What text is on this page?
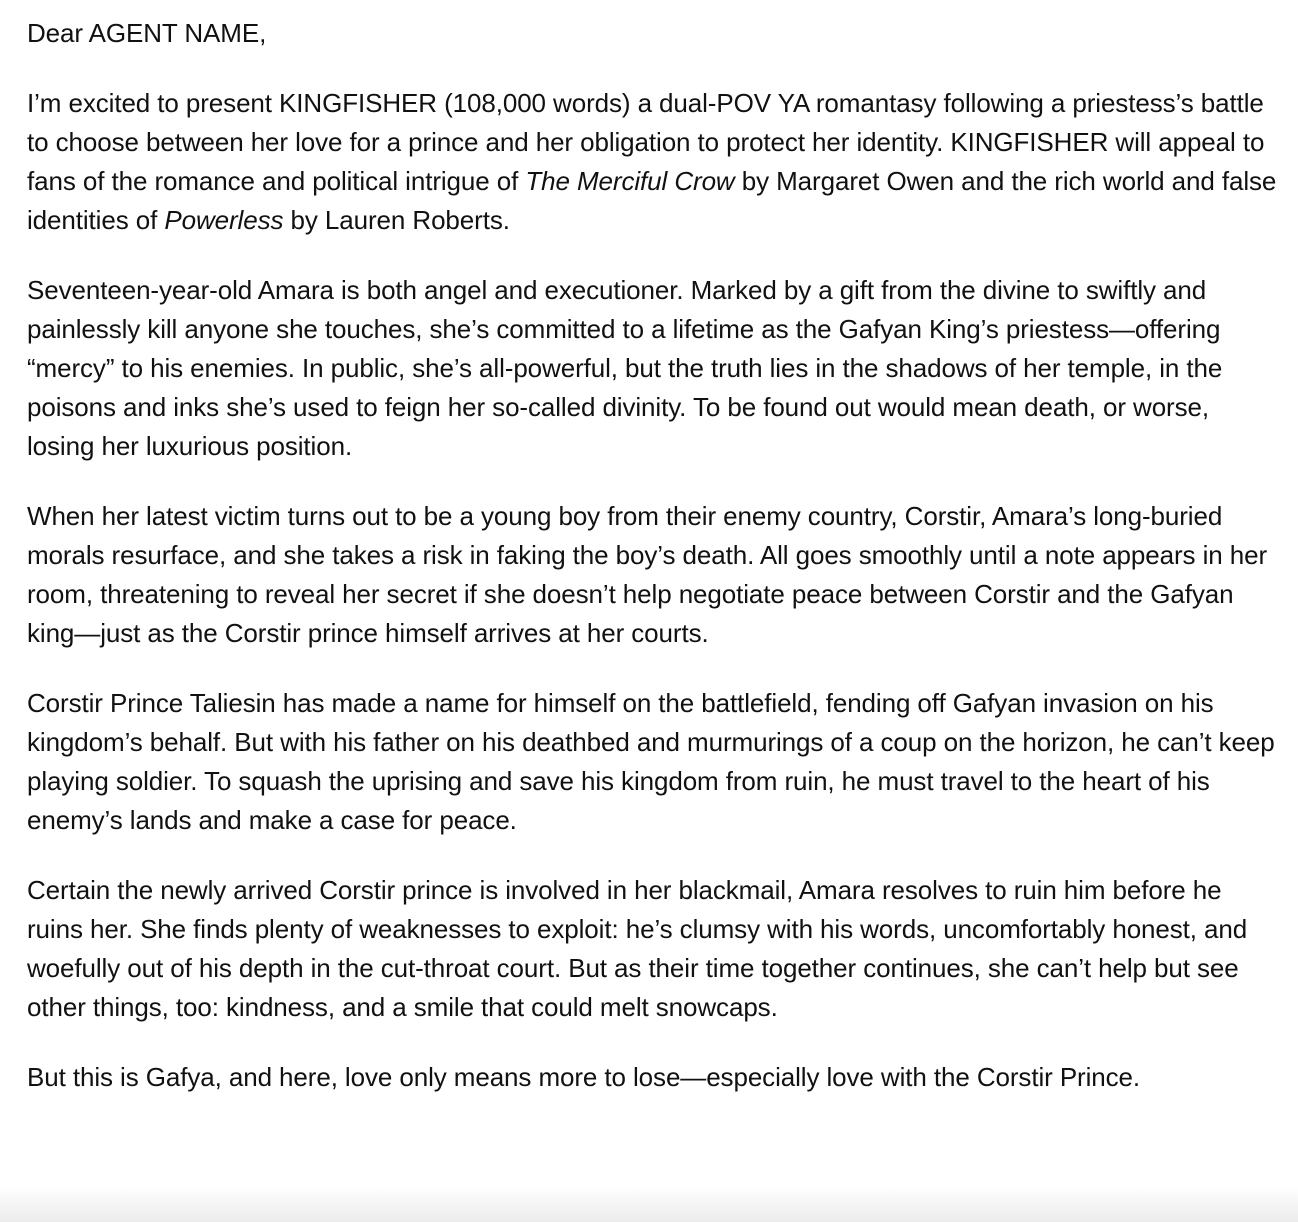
Dear AGENT NAME,

I’m excited to present KINGFISHER (108,000 words) a dual-POV YA romantasy following a priestess’s battle to choose between her love for a prince and her obligation to protect her identity. KINGFISHER will appeal to fans of the romance and political intrigue of The Merciful Crow by Margaret Owen and the rich world and false identities of Powerless by Lauren Roberts.

Seventeen-year-old Amara is both angel and executioner. Marked by a gift from the divine to swiftly and painlessly kill anyone she touches, she’s committed to a lifetime as the Gafyan King’s priestess—offering “mercy” to his enemies. In public, she’s all-powerful, but the truth lies in the shadows of her temple, in the poisons and inks she’s used to feign her so-called divinity. To be found out would mean death, or worse, losing her luxurious position.

When her latest victim turns out to be a young boy from their enemy country, Corstir, Amara’s long-buried morals resurface, and she takes a risk in faking the boy’s death. All goes smoothly until a note appears in her room, threatening to reveal her secret if she doesn’t help negotiate peace between Corstir and the Gafyan king—just as the Corstir prince himself arrives at her courts.

Corstir Prince Taliesin has made a name for himself on the battlefield, fending off Gafyan invasion on his kingdom’s behalf. But with his father on his deathbed and murmurings of a coup on the horizon, he can’t keep playing soldier. To squash the uprising and save his kingdom from ruin, he must travel to the heart of his enemy’s lands and make a case for peace.

Certain the newly arrived Corstir prince is involved in her blackmail, Amara resolves to ruin him before he ruins her. She finds plenty of weaknesses to exploit: he’s clumsy with his words, uncomfortably honest, and woefully out of his depth in the cut-throat court. But as their time together continues, she can’t help but see other things, too: kindness, and a smile that could melt snowcaps.

But this is Gafya, and here, love only means more to lose—especially love with the Corstir Prince.
